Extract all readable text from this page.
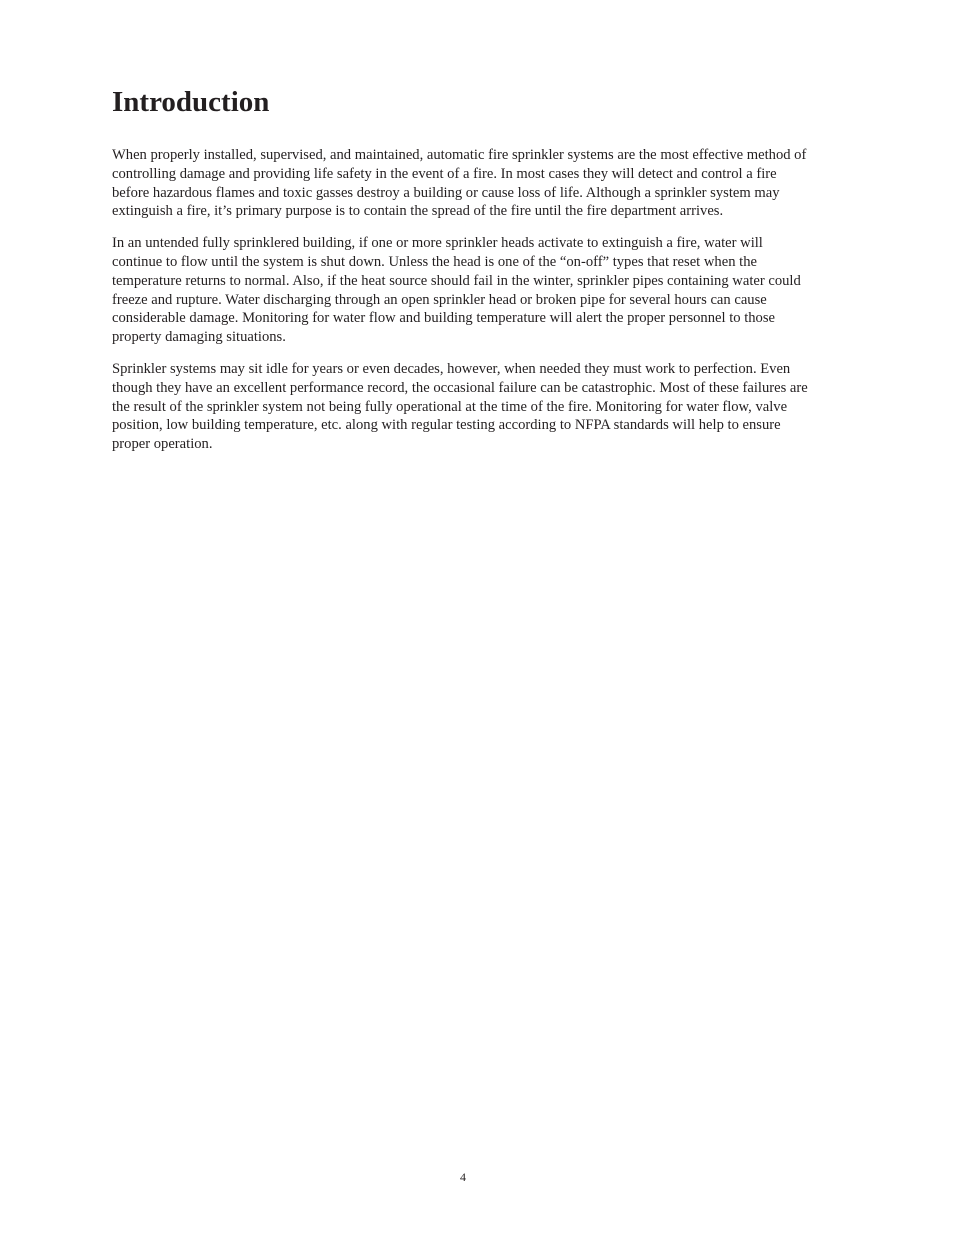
Introduction

When properly installed, supervised, and maintained, automatic fire sprinkler systems are the most effective method of controlling damage and providing life safety in the event of a fire. In most cases they will detect and control a fire before hazardous flames and toxic gasses destroy a building or cause loss of life. Although a sprinkler system may extinguish a fire, it’s primary purpose is to contain the spread of the fire until the fire department arrives.

In an untended fully sprinklered building, if one or more sprinkler heads activate to extinguish a fire, water will continue to flow until the system is shut down. Unless the head is one of the “on-off” types that reset when the temperature returns to normal. Also, if the heat source should fail in the winter, sprinkler pipes containing water could freeze and rupture. Water discharging through an open sprinkler head or broken pipe for several hours can cause considerable damage. Monitoring for water flow and building temperature will alert the proper personnel to those property damaging situations.

Sprinkler systems may sit idle for years or even decades, however, when needed they must work to perfection. Even though they have an excellent performance record, the occasional failure can be catastrophic. Most of these failures are the result of the sprinkler system not being fully operational at the time of the fire. Monitoring for water flow, valve position, low building temperature, etc. along with regular testing according to NFPA standards will help to ensure proper operation.

4
